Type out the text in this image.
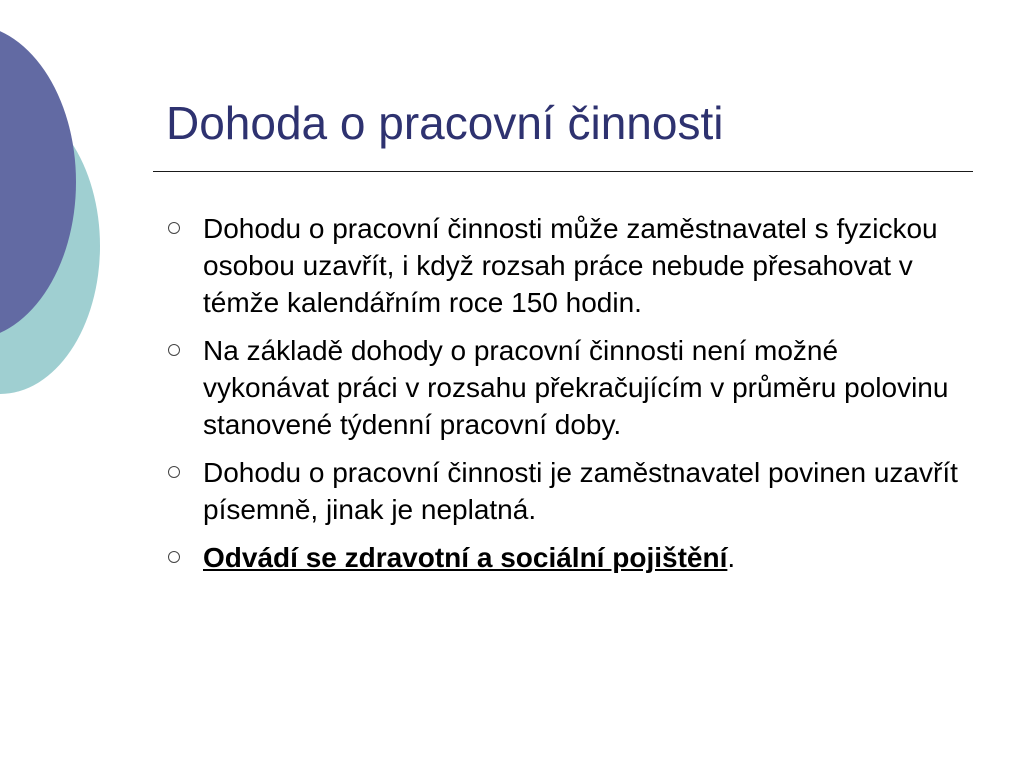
Dohoda o pracovní činnosti
Dohodu o pracovní činnosti může zaměstnavatel s fyzickou osobou uzavřít, i když rozsah práce nebude přesahovat v témže kalendářním roce 150 hodin.
Na základě dohody o pracovní činnosti není možné vykonávat práci v rozsahu překračujícím v průměru polovinu stanovené týdenní pracovní doby.
Dohodu o pracovní činnosti je zaměstnavatel povinen uzavřít písemně, jinak je neplatná.
Odvádí se zdravotní a sociální pojištění.
